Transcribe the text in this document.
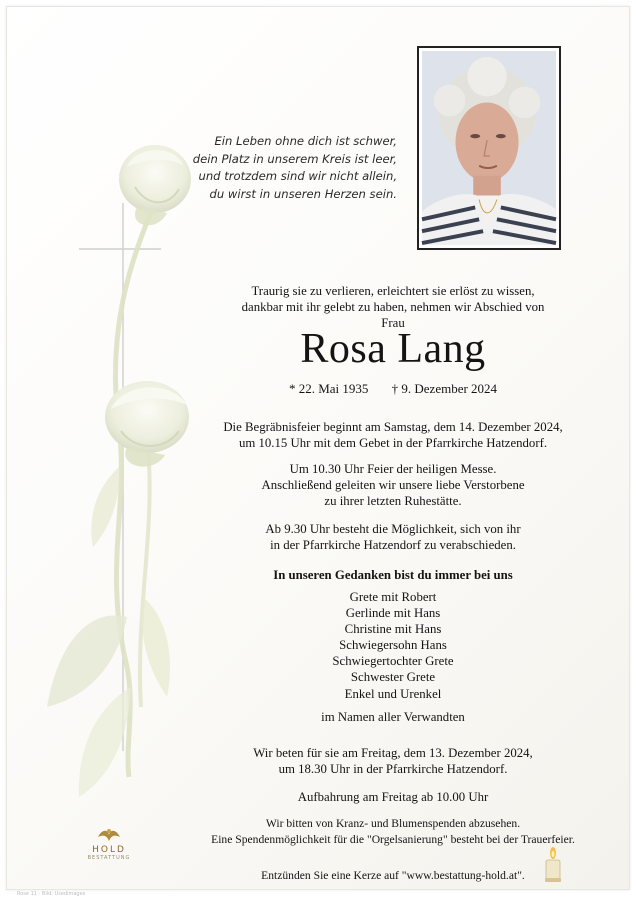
Ein Leben ohne dich ist schwer,
dein Platz in unserem Kreis ist leer,
und trotzdem sind wir nicht allein,
du wirst in unseren Herzen sein.
Traurig sie zu verlieren, erleichtert sie erlöst zu wissen,
dankbar mit ihr gelebt zu haben, nehmen wir Abschied von
Frau
Rosa Lang
* 22. Mai 1935 † 9. Dezember 2024
Die Begräbnisfeier beginnt am Samstag, dem 14. Dezember 2024,
um 10.15 Uhr mit dem Gebet in der Pfarrkirche Hatzendorf.
Um 10.30 Uhr Feier der heiligen Messe.
Anschließend geleiten wir unsere liebe Verstorbene
zu ihrer letzten Ruhestätte.
Ab 9.30 Uhr besteht die Möglichkeit, sich von ihr
in der Pfarrkirche Hatzendorf zu verabschieden.
In unseren Gedanken bist du immer bei uns
Grete mit Robert
Gerlinde mit Hans
Christine mit Hans
Schwiegersohn Hans
Schwiegertochter Grete
Schwester Grete
Enkel und Urenkel
im Namen aller Verwandten
Wir beten für sie am Freitag, dem 13. Dezember 2024,
um 18.30 Uhr in der Pfarrkirche Hatzendorf.
Aufbahrung am Freitag ab 10.00 Uhr
Wir bitten von Kranz- und Blumenspenden abzusehen.
Eine Spendenmöglichkeit für die "Orgelsanierung" besteht bei der Trauerfeier.
Entzünden Sie eine Kerze auf "www.bestattung-hold.at".
HOLD
BESTATTUNG
Rose 11 - Bild: Usedimages
